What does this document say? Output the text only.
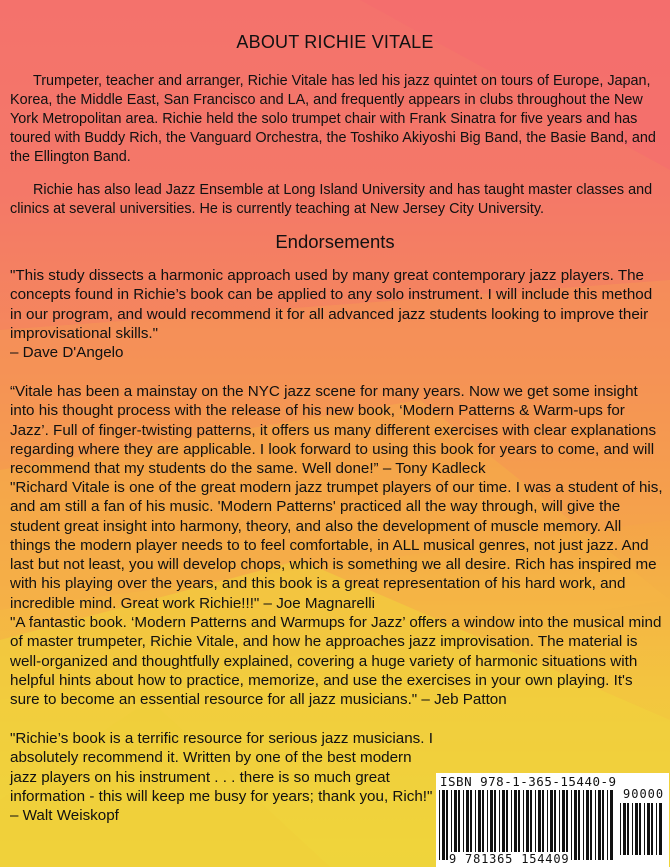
ABOUT RICHIE VITALE

Trumpeter, teacher and arranger, Richie Vitale has led his jazz quintet on tours of Europe, Japan, Korea, the Middle East, San Francisco and LA, and frequently appears in clubs throughout the New York Metropolitan area. Richie held the solo trumpet chair with Frank Sinatra for five years and has toured with Buddy Rich, the Vanguard Orchestra, the Toshiko Akiyoshi Big Band, the Basie Band, and the Ellington Band.

Richie has also lead Jazz Ensemble at Long Island University and has taught master classes and clinics at several universities. He is currently teaching at New Jersey City University.

Endorsements
"This study dissects a harmonic approach used by many great contemporary jazz players. The concepts found in Richie’s book can be applied to any solo instrument. I will include this method in our program, and would recommend it for all advanced jazz students looking to improve their improvisational skills."
– Dave D'Angelo
“Vitale has been a mainstay on the NYC jazz scene for many years. Now we get some insight into his thought process with the release of his new book, ‘Modern Patterns & Warm-ups for Jazz’. Full of finger-twisting patterns, it offers us many different exercises with clear explanations regarding where they are applicable. I look forward to using this book for years to come, and will recommend that my students do the same. Well done!” – Tony Kadleck
"Richard Vitale is one of the great modern jazz trumpet players of our time. I was a student of his, and am still a fan of his music. 'Modern Patterns' practiced all the way through, will give the student great insight into harmony, theory, and also the development of muscle memory. All things the modern player needs to to feel comfortable, in ALL musical genres, not just jazz. And last but not least, you will develop chops, which is something we all desire. Rich has inspired me with his playing over the years, and this book is a great representation of his hard work, and incredible mind. Great work Richie!!!" – Joe Magnarelli
"A fantastic book. ‘Modern Patterns and Warmups for Jazz’ offers a window into the musical mind of master trumpeter, Richie Vitale, and how he approaches jazz improvisation. The material is well-organized and thoughtfully explained, covering a huge variety of harmonic situations with helpful hints about how to practice, memorize, and use the exercises in your own playing. It's sure to become an essential resource for all jazz musicians." – Jeb Patton
"Richie’s book is a terrific resource for serious jazz musicians. I absolutely recommend it. Written by one of the best modern jazz players on his instrument . . . there is so much great information - this will keep me busy for years; thank you, Rich!"
– Walt Weiskopf
ISBN 978-1-365-15440-9
90000
9 781365 154409
